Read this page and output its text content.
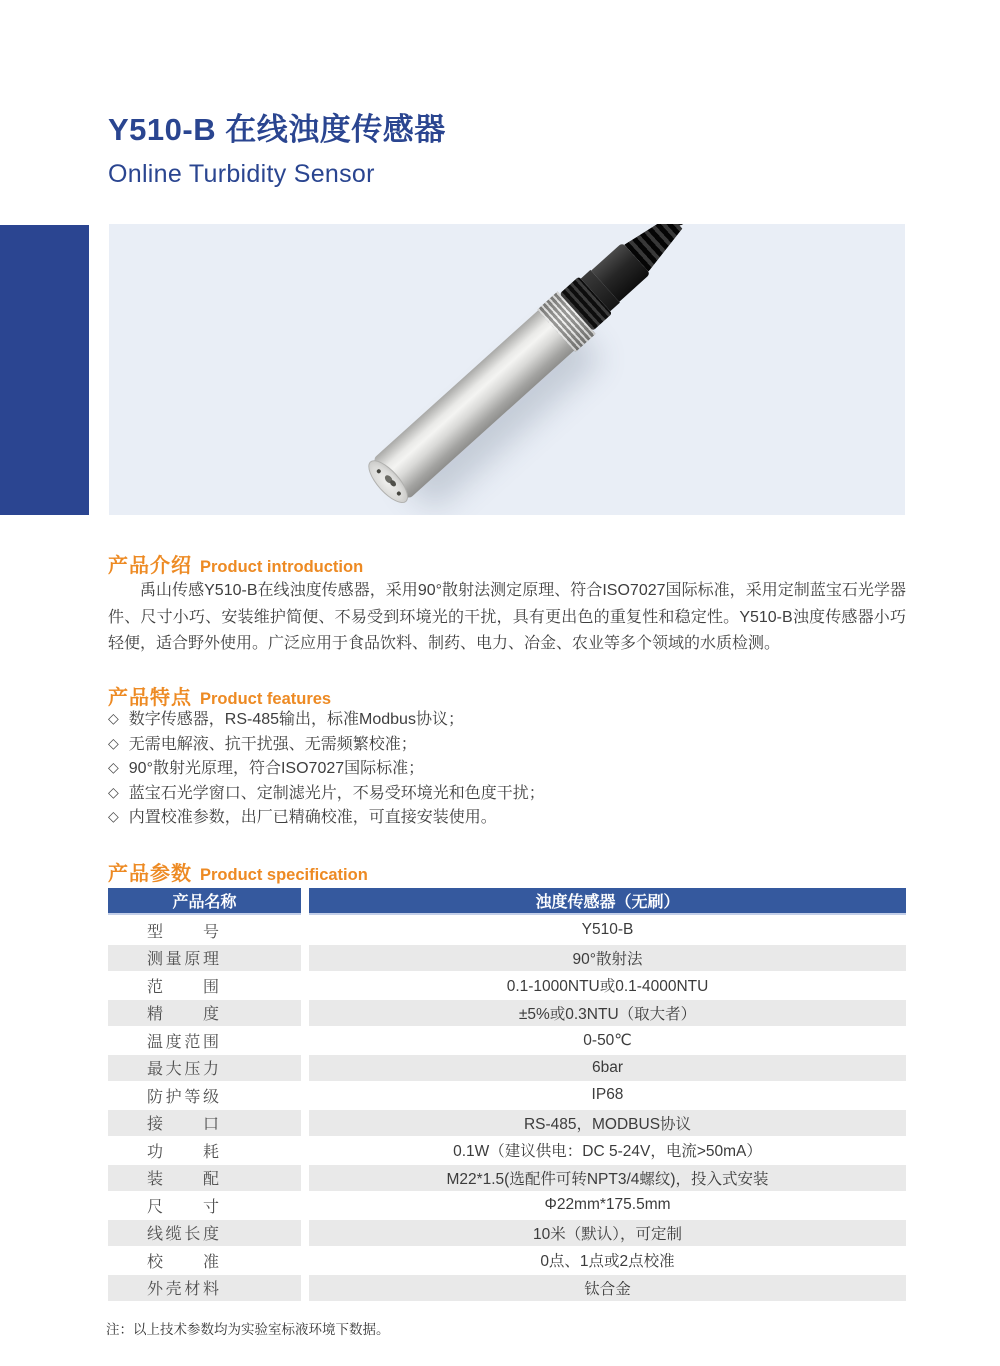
Y510-B 在线浊度传感器
Online Turbidity Sensor
产品介绍 Product introduction

禹山传感Y510-B在线浊度传感器，采用90°散射法测定原理、符合ISO7027国际标准，采用定制蓝宝石光学器件、尺寸小巧、安装维护简便、不易受到环境光的干扰，具有更出色的重复性和稳定性。Y510-B浊度传感器小巧轻便，适合野外使用。广泛应用于食品饮料、制药、电力、冶金、农业等多个领域的水质检测。

产品特点 Product features
◇ 数字传感器，RS-485输出，标准Modbus协议；
◇ 无需电解液、抗干扰强、无需频繁校准；
◇ 90°散射光原理，符合ISO7027国际标准；
◇ 蓝宝石光学窗口、定制滤光片，不易受环境光和色度干扰；
◇ 内置校准参数，出厂已精确校准，可直接安装使用。
产品参数 Product specification
产品名称	浊度传感器（无刷）
型　号	Y510-B
测量原理	90°散射法
范　围	0.1-1000NTU或0.1-4000NTU
精　度	±5%或0.3NTU（取大者）
温度范围	0-50℃
最大压力	6bar
防护等级	IP68
接　口	RS-485，MODBUS协议
功　耗	0.1W（建议供电：DC 5-24V，电流>50mA）
装　配	M22*1.5(选配件可转NPT3/4螺纹)，投入式安装
尺　寸	Φ22mm*175.5mm
线缆长度	10米（默认），可定制
校　准	0点、1点或2点校准
外壳材料	钛合金
注：以上技术参数均为实验室标液环境下数据。
